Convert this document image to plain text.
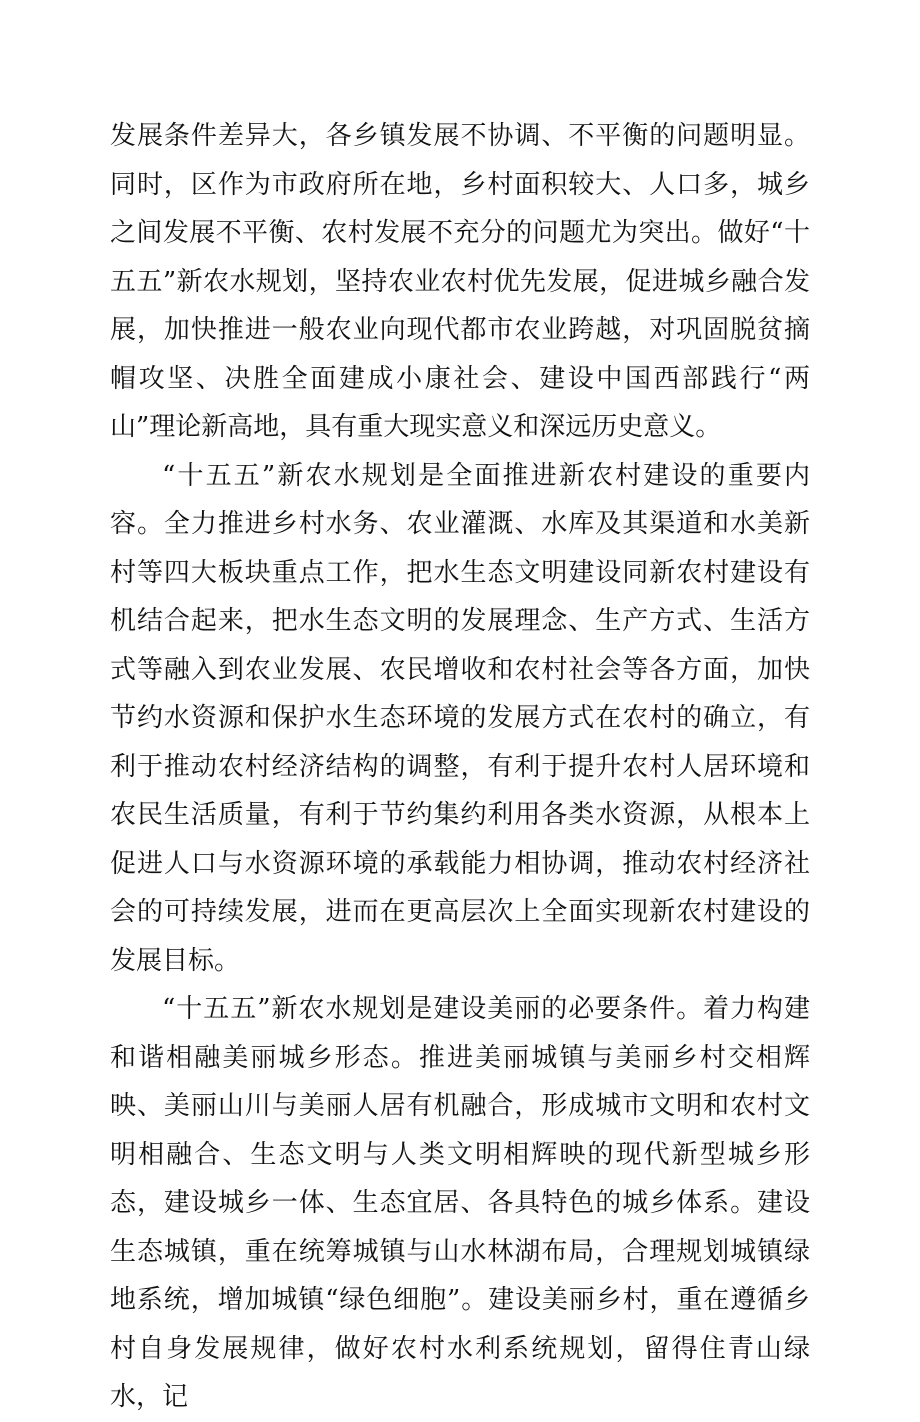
发展条件差异大，各乡镇发展不协调、不平衡的问题明显。同时，区作为市政府所在地，乡村面积较大、人口多，城乡之间发展不平衡、农村发展不充分的问题尤为突出。做好“十五五”新农水规划，坚持农业农村优先发展，促进城乡融合发展，加快推进一般农业向现代都市农业跨越，对巩固脱贫摘帽攻坚、决胜全面建成小康社会、建设中国西部践行“两山”理论新高地，具有重大现实意义和深远历史意义。

“十五五”新农水规划是全面推进新农村建设的重要内容。全力推进乡村水务、农业灌溉、水库及其渠道和水美新村等四大板块重点工作，把水生态文明建设同新农村建设有机结合起来，把水生态文明的发展理念、生产方式、生活方式等融入到农业发展、农民增收和农村社会等各方面，加快节约水资源和保护水生态环境的发展方式在农村的确立，有利于推动农村经济结构的调整，有利于提升农村人居环境和农民生活质量，有利于节约集约利用各类水资源，从根本上促进人口与水资源环境的承载能力相协调，推动农村经济社会的可持续发展，进而在更高层次上全面实现新农村建设的发展目标。

“十五五”新农水规划是建设美丽的必要条件。着力构建和谐相融美丽城乡形态。推进美丽城镇与美丽乡村交相辉映、美丽山川与美丽人居有机融合，形成城市文明和农村文明相融合、生态文明与人类文明相辉映的现代新型城乡形态，建设城乡一体、生态宜居、各具特色的城乡体系。建设生态城镇，重在统筹城镇与山水林湖布局，合理规划城镇绿地系统，增加城镇“绿色细胞”。建设美丽乡村，重在遵循乡村自身发展规律，做好农村水利系统规划，留得住青山绿水，记
